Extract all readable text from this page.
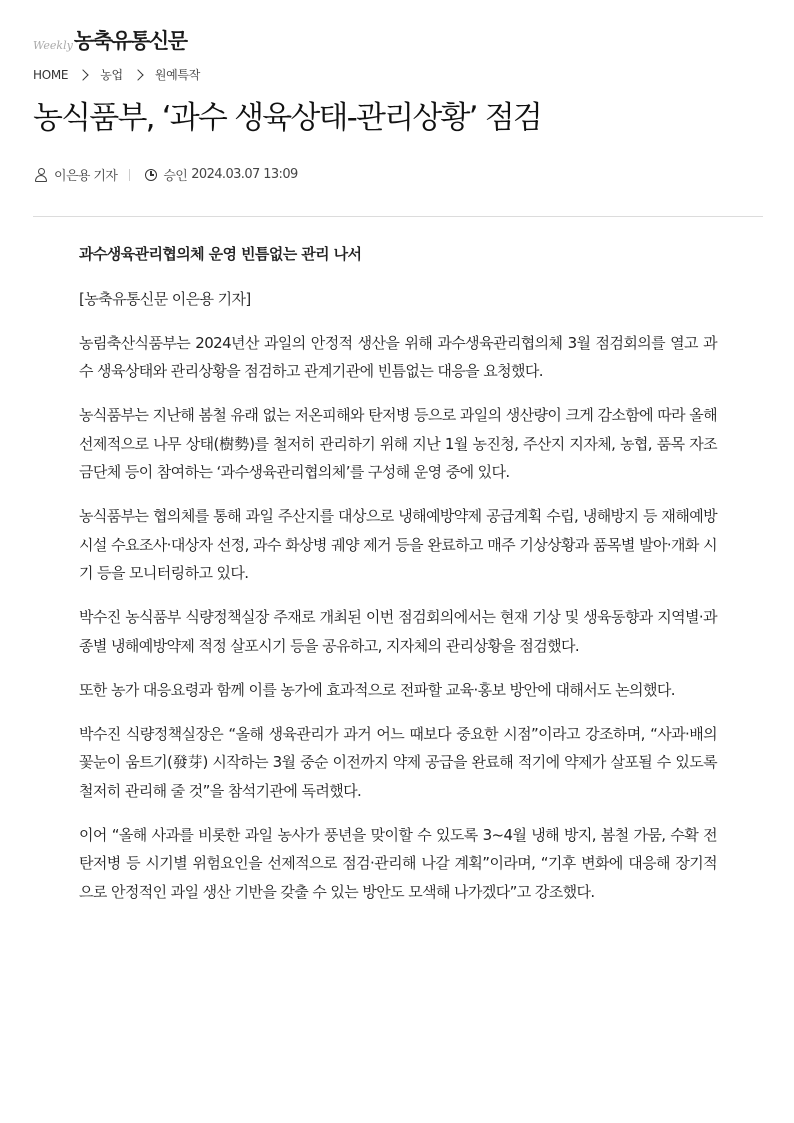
Weekly 농축유통신문
HOME	농업	원예특작
농식품부, ‘과수 생육상태-관리상황’ 점검
이은용 기자	승인 2024.03.07 13:09

과수생육관리협의체 운영 빈틈없는 관리 나서

[농축유통신문 이은용 기자]

농림축산식품부는 2024년산 과일의 안정적 생산을 위해 과수생육관리협의체 3월 점검회의를 열고 과수 생육상태와 관리상황을 점검하고 관계기관에 빈틈없는 대응을 요청했다.

농식품부는 지난해 봄철 유래 없는 저온피해와 탄저병 등으로 과일의 생산량이 크게 감소함에 따라 올해 선제적으로 나무 상태(樹勢)를 철저히 관리하기 위해 지난 1월 농진청, 주산지 지자체, 농협, 품목 자조금단체 등이 참여하는 ‘과수생육관리협의체’를 구성해 운영 중에 있다.

농식품부는 협의체를 통해 과일 주산지를 대상으로 냉해예방약제 공급계획 수립, 냉해방지 등 재해예방시설 수요조사·대상자 선정, 과수 화상병 궤양 제거 등을 완료하고 매주 기상상황과 품목별 발아·개화 시기 등을 모니터링하고 있다.

박수진 농식품부 식량정책실장 주재로 개최된 이번 점검회의에서는 현재 기상 및 생육동향과 지역별·과종별 냉해예방약제 적정 살포시기 등을 공유하고, 지자체의 관리상황을 점검했다.

또한 농가 대응요령과 함께 이를 농가에 효과적으로 전파할 교육·홍보 방안에 대해서도 논의했다.

박수진 식량정책실장은 “올해 생육관리가 과거 어느 때보다 중요한 시점”이라고 강조하며, “사과·배의 꽃눈이 움트기(發芽) 시작하는 3월 중순 이전까지 약제 공급을 완료해 적기에 약제가 살포될 수 있도록 철저히 관리해 줄 것”을 참석기관에 독려했다.

이어 “올해 사과를 비롯한 과일 농사가 풍년을 맞이할 수 있도록 3~4월 냉해 방지, 봄철 가뭄, 수확 전 탄저병 등 시기별 위험요인을 선제적으로 점검·관리해 나갈 계획”이라며, “기후 변화에 대응해 장기적으로 안정적인 과일 생산 기반을 갖출 수 있는 방안도 모색해 나가겠다”고 강조했다.
